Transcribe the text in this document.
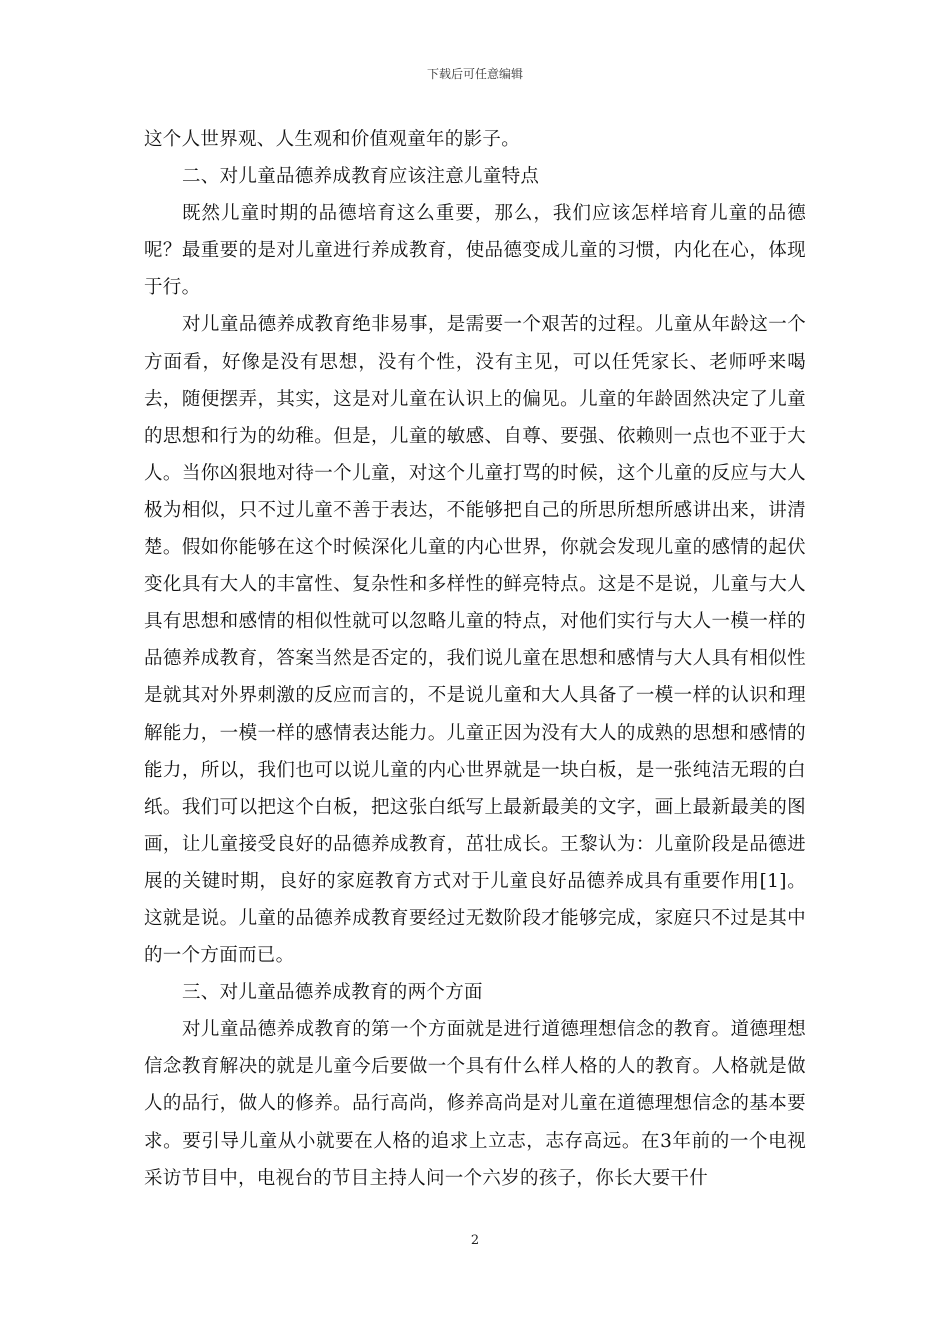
下载后可任意编辑

这个人世界观、人生观和价值观童年的影子。

二、对儿童品德养成教育应该注意儿童特点

既然儿童时期的品德培育这么重要，那么，我们应该怎样培育儿童的品德呢？最重要的是对儿童进行养成教育，使品德变成儿童的习惯，内化在心，体现于行。

对儿童品德养成教育绝非易事，是需要一个艰苦的过程。儿童从年龄这一个方面看，好像是没有思想，没有个性，没有主见，可以任凭家长、老师呼来喝去，随便摆弄，其实，这是对儿童在认识上的偏见。儿童的年龄固然决定了儿童的思想和行为的幼稚。但是，儿童的敏感、自尊、要强、依赖则一点也不亚于大人。当你凶狠地对待一个儿童，对这个儿童打骂的时候，这个儿童的反应与大人极为相似，只不过儿童不善于表达，不能够把自己的所思所想所感讲出来，讲清楚。假如你能够在这个时候深化儿童的内心世界，你就会发现儿童的感情的起伏变化具有大人的丰富性、复杂性和多样性的鲜亮特点。这是不是说，儿童与大人具有思想和感情的相似性就可以忽略儿童的特点，对他们实行与大人一模一样的品德养成教育，答案当然是否定的，我们说儿童在思想和感情与大人具有相似性是就其对外界刺激的反应而言的，不是说儿童和大人具备了一模一样的认识和理解能力，一模一样的感情表达能力。儿童正因为没有大人的成熟的思想和感情的能力，所以，我们也可以说儿童的内心世界就是一块白板，是一张纯洁无瑕的白纸。我们可以把这个白板，把这张白纸写上最新最美的文字，画上最新最美的图画，让儿童接受良好的品德养成教育，茁壮成长。王黎认为：儿童阶段是品德进展的关键时期，良好的家庭教育方式对于儿童良好品德养成具有重要作用[1]。这就是说。儿童的品德养成教育要经过无数阶段才能够完成，家庭只不过是其中的一个方面而已。

三、对儿童品德养成教育的两个方面

对儿童品德养成教育的第一个方面就是进行道德理想信念的教育。道德理想信念教育解决的就是儿童今后要做一个具有什么样人格的人的教育。人格就是做人的品行，做人的修养。品行高尚，修养高尚是对儿童在道德理想信念的基本要求。要引导儿童从小就要在人格的追求上立志，志存高远。在3年前的一个电视采访节目中，电视台的节目主持人问一个六岁的孩子，你长大要干什

2
